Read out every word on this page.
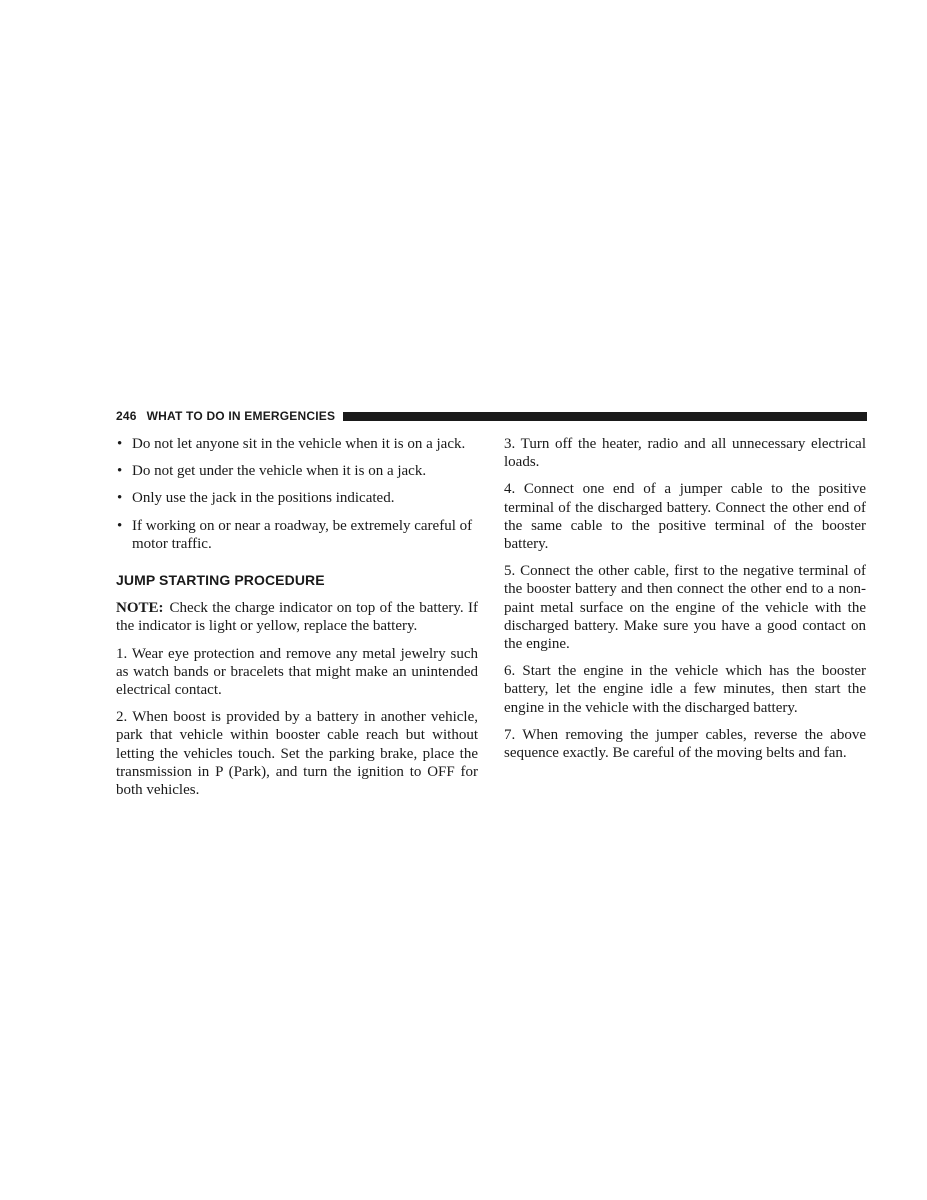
246 WHAT TO DO IN EMERGENCIES
• Do not let anyone sit in the vehicle when it is on a jack.
• Do not get under the vehicle when it is on a jack.
• Only use the jack in the positions indicated.
• If working on or near a roadway, be extremely careful of motor traffic.
JUMP STARTING PROCEDURE

NOTE: Check the charge indicator on top of the battery. If the indicator is light or yellow, replace the battery.

1. Wear eye protection and remove any metal jewelry such as watch bands or bracelets that might make an unintended electrical contact.

2. When boost is provided by a battery in another vehicle, park that vehicle within booster cable reach but without letting the vehicles touch. Set the parking brake, place the transmission in P (Park), and turn the ignition to OFF for both vehicles.

3. Turn off the heater, radio and all unnecessary electrical loads.

4. Connect one end of a jumper cable to the positive terminal of the discharged battery. Connect the other end of the same cable to the positive terminal of the booster battery.

5. Connect the other cable, first to the negative terminal of the booster battery and then connect the other end to a non-paint metal surface on the engine of the vehicle with the discharged battery. Make sure you have a good contact on the engine.

6. Start the engine in the vehicle which has the booster battery, let the engine idle a few minutes, then start the engine in the vehicle with the discharged battery.

7. When removing the jumper cables, reverse the above sequence exactly. Be careful of the moving belts and fan.
